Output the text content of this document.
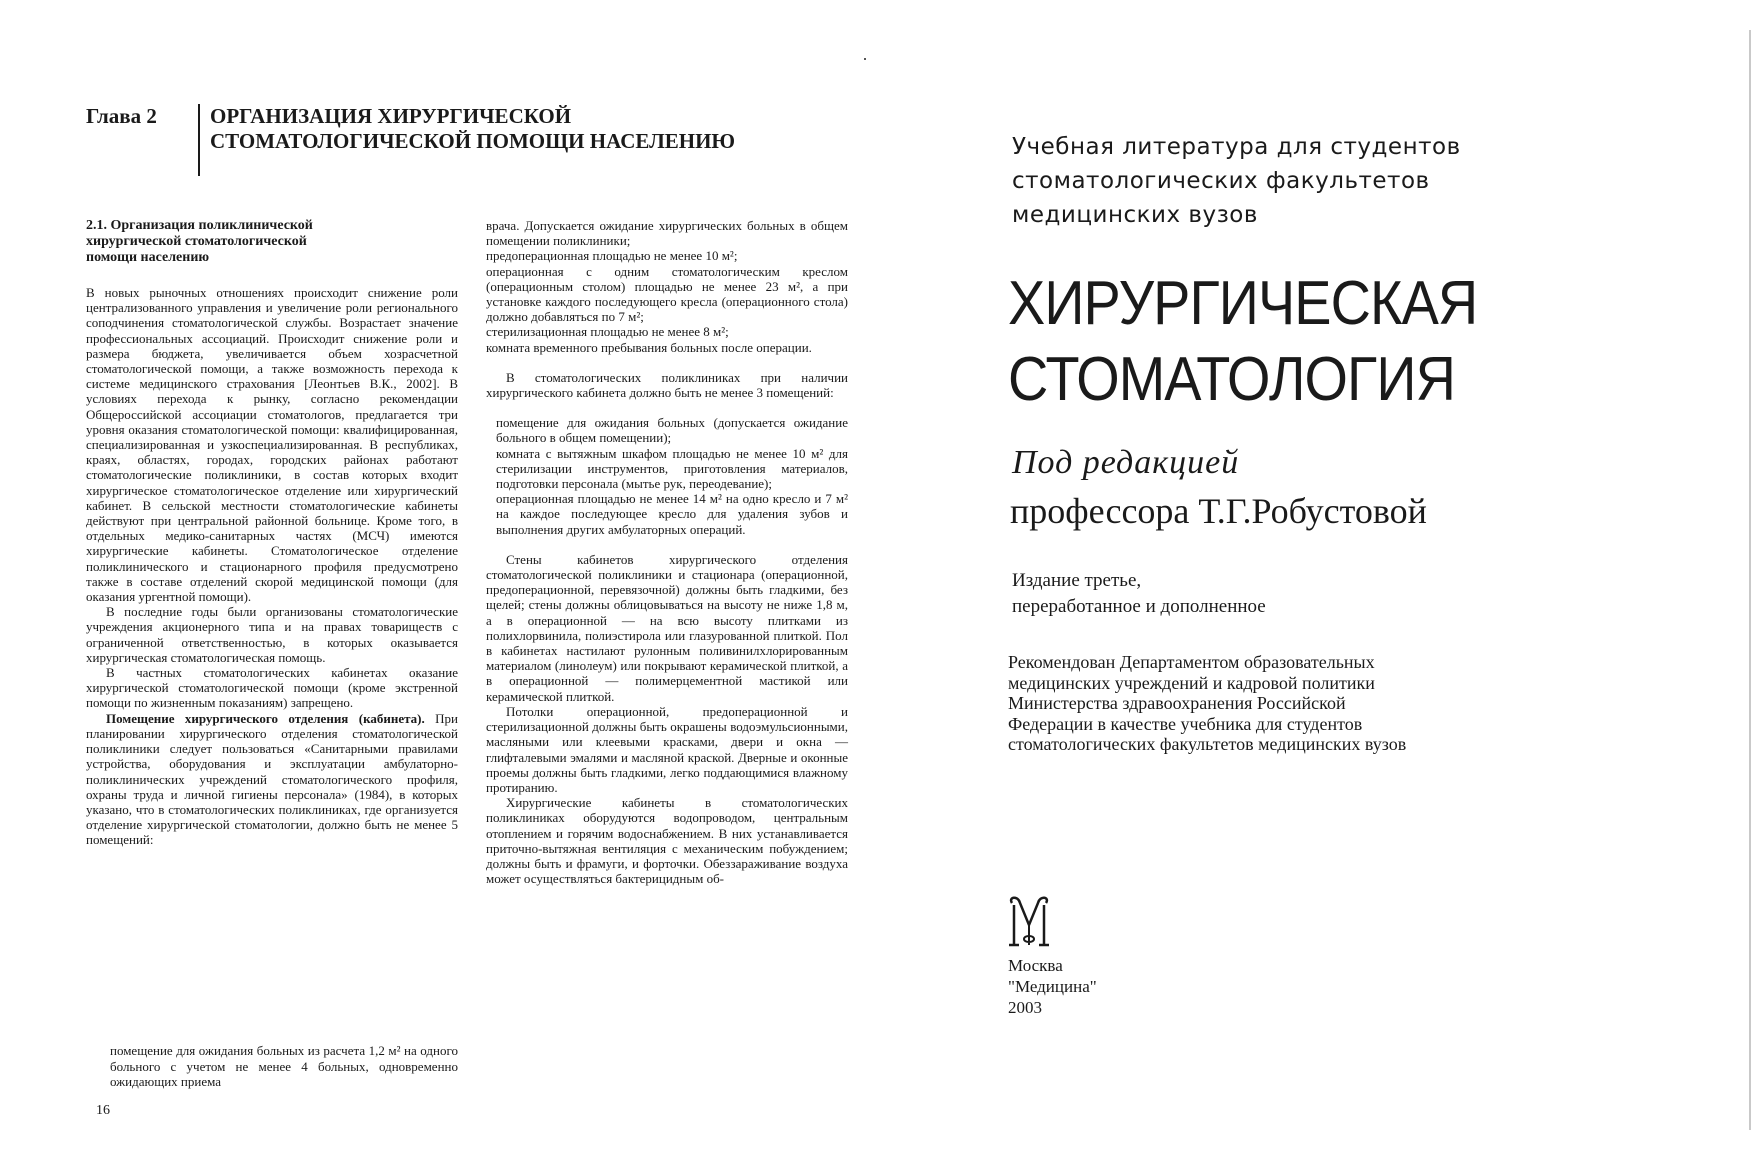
Глава 2	ОРГАНИЗАЦИЯ ХИРУРГИЧЕСКОЙ
СТОМАТОЛОГИЧЕСКОЙ ПОМОЩИ НАСЕЛЕНИЮ
2.1. Организация поликлинической
хирургической стоматологической
помощи населению

В новых рыночных отношениях происходит снижение роли централизованного управления и увеличение роли регионального соподчинения стоматологической службы. Возрастает значение профессиональных ассоциаций. Происходит снижение роли и размера бюджета, увеличивается объем хозрасчетной стоматологической помощи, а также возможность перехода к системе медицинского страхования [Леонтьев В.К., 2002]. В условиях перехода к рынку, согласно рекомендации Общероссийской ассоциации стоматологов, предлагается три уровня оказания стоматологической помощи: квалифицированная, специализированная и узкоспециализированная. В республиках, краях, областях, городах, городских районах работают стоматологические поликлиники, в состав которых входит хирургическое стоматологическое отделение или хирургический кабинет. В сельской местности стоматологические кабинеты действуют при центральной районной больнице. Кроме того, в отдельных медико-санитарных частях (МСЧ) имеются хирургические кабинеты. Стоматологическое отделение поликлинического и стационарного профиля предусмотрено также в составе отделений скорой медицинской помощи (для оказания ургентной помощи).

В последние годы были организованы стоматологические учреждения акционерного типа и на правах товариществ с ограниченной ответственностью, в которых оказывается хирургическая стоматологическая помощь.

В частных стоматологических кабинетах оказание хирургической стоматологической помощи (кроме экстренной помощи по жизненным показаниям) запрещено.

Помещение хирургического отделения (кабинета). При планировании хирургического отделения стоматологической поликлиники следует пользоваться «Санитарными правилами устройства, оборудования и эксплуатации амбулаторно-поликлинических учреждений стоматологического профиля, охраны труда и личной гигиены персонала» (1984), в которых указано, что в стоматологических поликлиниках, где организуется отделение хирургической стоматологии, должно быть не менее 5 помещений:

помещение для ожидания больных из расчета 1,2 м² на одного больного с учетом не менее 4 больных, одновременно ожидающих приема

врача. Допускается ожидание хирургических больных в общем помещении поликлиники;

предоперационная площадью не менее 10 м²;

операционная с одним стоматологическим креслом (операционным столом) площадью не менее 23 м², а при установке каждого последующего кресла (операционного стола) должно добавляться по 7 м²;

стерилизационная площадью не менее 8 м²;

комната временного пребывания больных после операции.

В стоматологических поликлиниках при наличии хирургического кабинета должно быть не менее 3 помещений:

помещение для ожидания больных (допускается ожидание больного в общем помещении);

комната с вытяжным шкафом площадью не менее 10 м² для стерилизации инструментов, приготовления материалов, подготовки персонала (мытье рук, переодевание);

операционная площадью не менее 14 м² на одно кресло и 7 м² на каждое последующее кресло для удаления зубов и выполнения других амбулаторных операций.

Стены кабинетов хирургического отделения стоматологической поликлиники и стационара (операционной, предоперационной, перевязочной) должны быть гладкими, без щелей; стены должны облицовываться на высоту не ниже 1,8 м, а в операционной — на всю высоту плитками из полихлорвинила, полиэстирола или глазурованной плиткой. Пол в кабинетах настилают рулонным поливинилхлорированным материалом (линолеум) или покрывают керамической плиткой, а в операционной — полимерцементной мастикой или керамической плиткой.

Потолки операционной, предоперационной и стерилизационной должны быть окрашены водоэмульсионными, масляными или клеевыми красками, двери и окна — глифталевыми эмалями и масляной краской. Дверные и оконные проемы должны быть гладкими, легко поддающимися влажному протиранию.

Хирургические кабинеты в стоматологических поликлиниках оборудуются водопроводом, центральным отоплением и горячим водоснабжением. В них устанавливается приточно-вытяжная вентиляция с механическим побуждением; должны быть и фрамуги, и форточки. Обеззараживание воздуха может осуществляться бактерицидным об-

16
Учебная литература для студентов
стоматологических факультетов
медицинских вузов
ХИРУРГИЧЕСКАЯ
СТОМАТОЛОГИЯ
Под редакцией
профессора Т.Г.Робустовой
Издание третье,
переработанное и дополненное
Рекомендован Департаментом образовательных
медицинских учреждений и кадровой политики
Министерства здравоохранения Российской
Федерации в качестве учебника для студентов
стоматологических факультетов медицинских вузов
Москва
"Медицина"
2003
